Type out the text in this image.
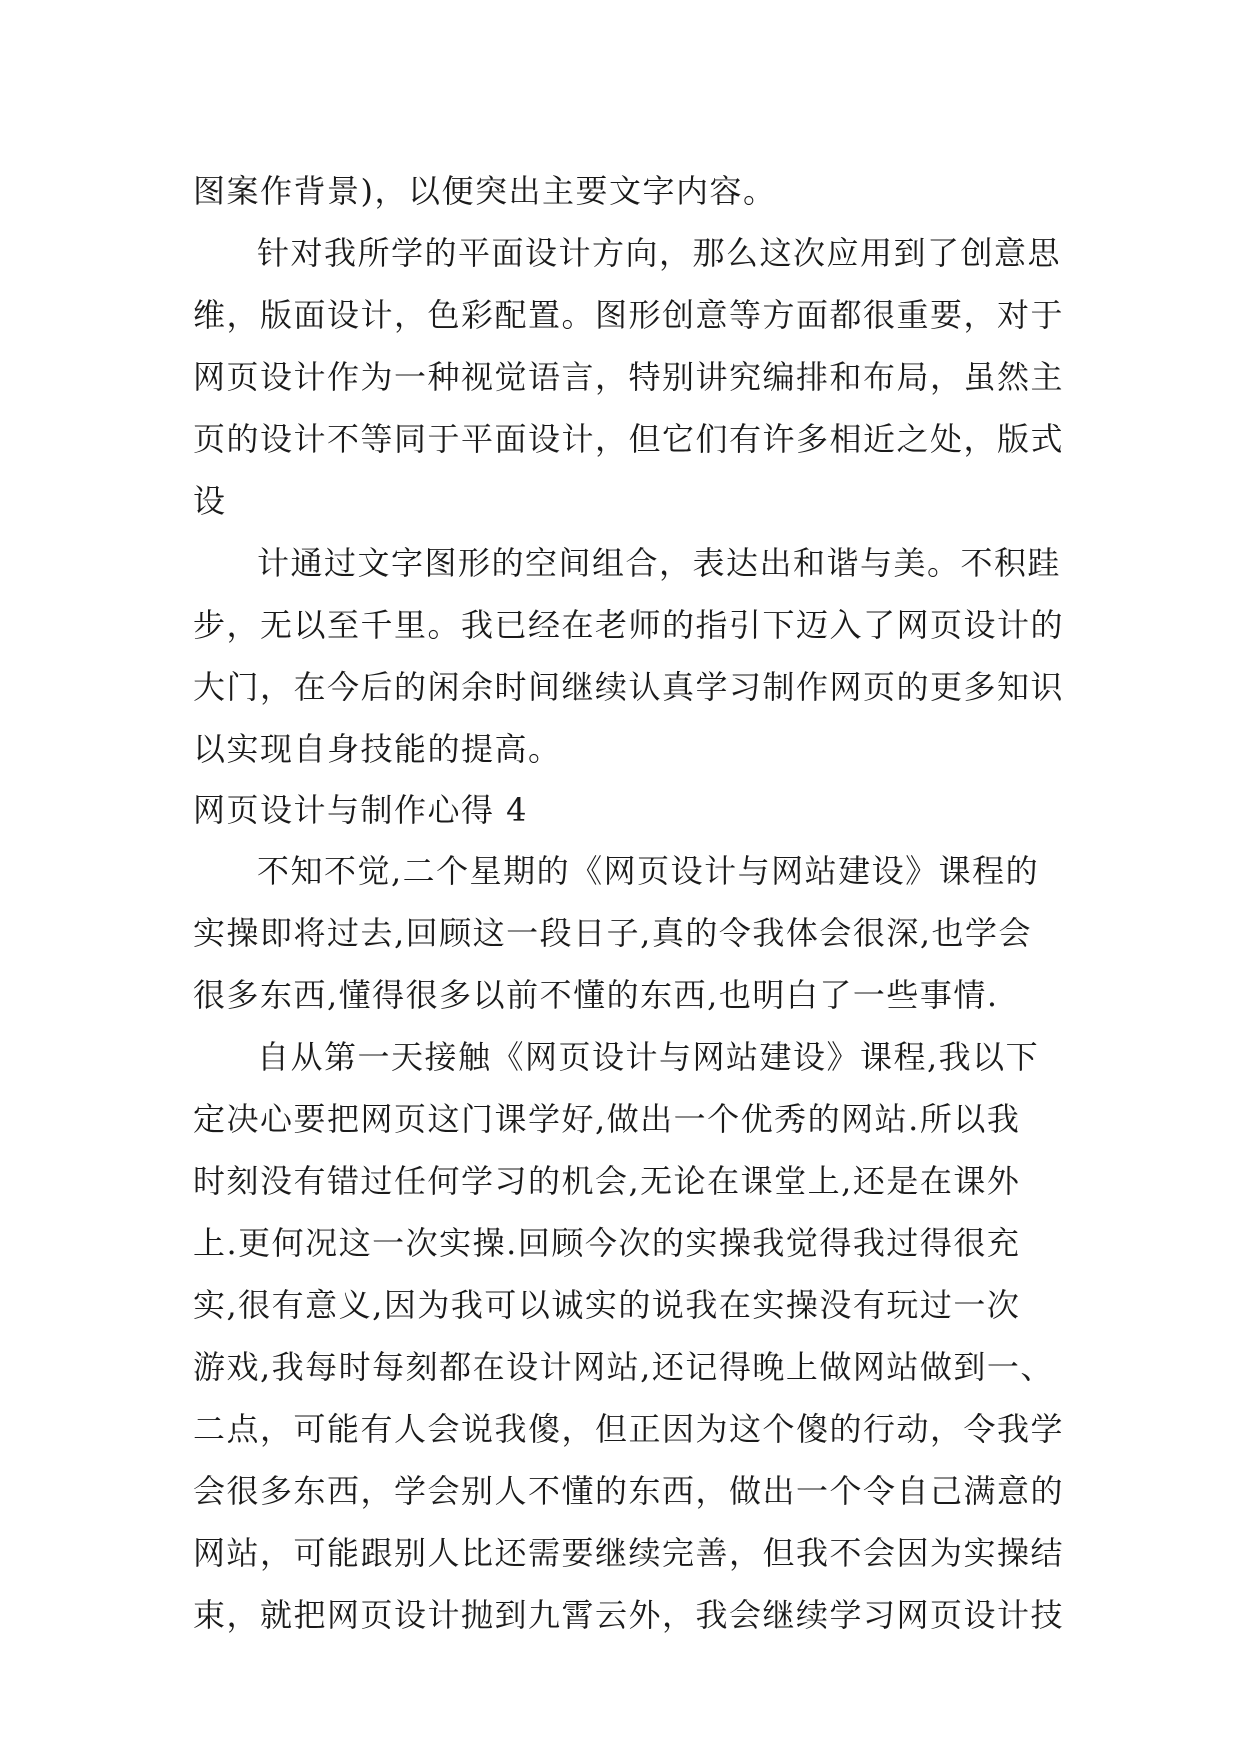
图案作背景)，以便突出主要文字内容。
针对我所学的平面设计方向，那么这次应用到了创意思
维，版面设计，色彩配置。图形创意等方面都很重要，对于
网页设计作为一种视觉语言，特别讲究编排和布局，虽然主
页的设计不等同于平面设计，但它们有许多相近之处，版式
设
计通过文字图形的空间组合，表达出和谐与美。不积跬
步，无以至千里。我已经在老师的指引下迈入了网页设计的
大门，在今后的闲余时间继续认真学习制作网页的更多知识
以实现自身技能的提高。
网页设计与制作心得 4
不知不觉,二个星期的《网页设计与网站建设》课程的
实操即将过去,回顾这一段日子,真的令我体会很深,也学会
很多东西,懂得很多以前不懂的东西,也明白了一些事情.
自从第一天接触《网页设计与网站建设》课程,我以下
定决心要把网页这门课学好,做出一个优秀的网站.所以我
时刻没有错过任何学习的机会,无论在课堂上,还是在课外
上.更何况这一次实操.回顾今次的实操我觉得我过得很充
实,很有意义,因为我可以诚实的说我在实操没有玩过一次
游戏,我每时每刻都在设计网站,还记得晚上做网站做到一、
二点，可能有人会说我傻，但正因为这个傻的行动，令我学
会很多东西，学会别人不懂的东西，做出一个令自己满意的
网站，可能跟别人比还需要继续完善，但我不会因为实操结
束，就把网页设计抛到九霄云外，我会继续学习网页设计技
